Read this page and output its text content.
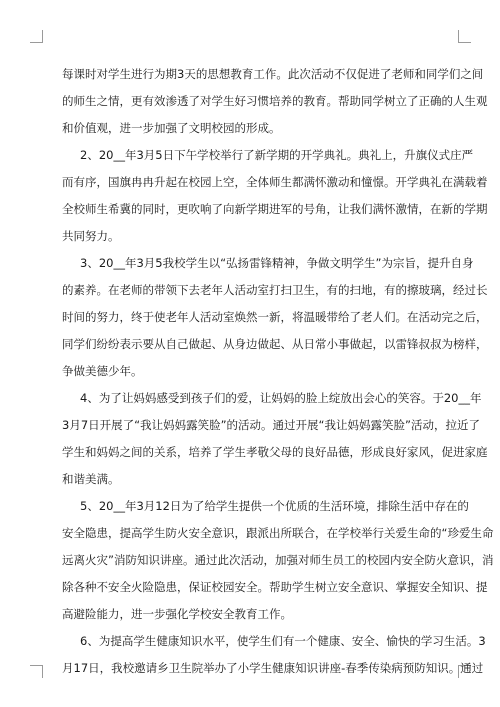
每课时对学生进行为期3天的思想教育工作。此次活动不仅促进了老师和同学们之间
的师生之情，更有效渗透了对学生好习惯培养的教育。帮助同学树立了正确的人生观
和价值观，进一步加强了文明校园的形成。
2、20__年3月5日下午学校举行了新学期的开学典礼。典礼上，升旗仪式庄严
而有序，国旗冉冉升起在校园上空，全体师生都满怀激动和憧憬。开学典礼在满载着
全校师生希冀的同时，更吹响了向新学期进军的号角，让我们满怀激情，在新的学期
共同努力。
3、20__年3月5我校学生以“弘扬雷锋精神，争做文明学生”为宗旨，提升自身
的素养。在老师的带领下去老年人活动室打扫卫生，有的扫地，有的擦玻璃，经过长
时间的努力，终于使老年人活动室焕然一新，将温暖带给了老人们。在活动完之后，
同学们纷纷表示要从自己做起、从身边做起、从日常小事做起，以雷锋叔叔为榜样，
争做美德少年。
4、为了让妈妈感受到孩子们的爱，让妈妈的脸上绽放出会心的笑容。于20__年
3月7日开展了“我让妈妈露笑脸”的活动。通过开展“我让妈妈露笑脸”活动，拉近了
学生和妈妈之间的关系，培养了学生孝敬父母的良好品德，形成良好家风，促进家庭
和谐美满。
5、20__年3月12日为了给学生提供一个优质的生活环境，排除生活中存在的
安全隐患，提高学生防火安全意识，跟派出所联合，在学校举行关爱生命的“珍爱生命
远离火灾”消防知识讲座。通过此次活动，加强对师生员工的校园内安全防火意识，消
除各种不安全火险隐患，保证校园安全。帮助学生树立安全意识、掌握安全知识、提
高避险能力，进一步强化学校安全教育工作。
6、为提高学生健康知识水平，使学生们有一个健康、安全、愉快的学习生活。3
月17日，我校邀请乡卫生院举办了小学生健康知识讲座-春季传染病预防知识。通过
